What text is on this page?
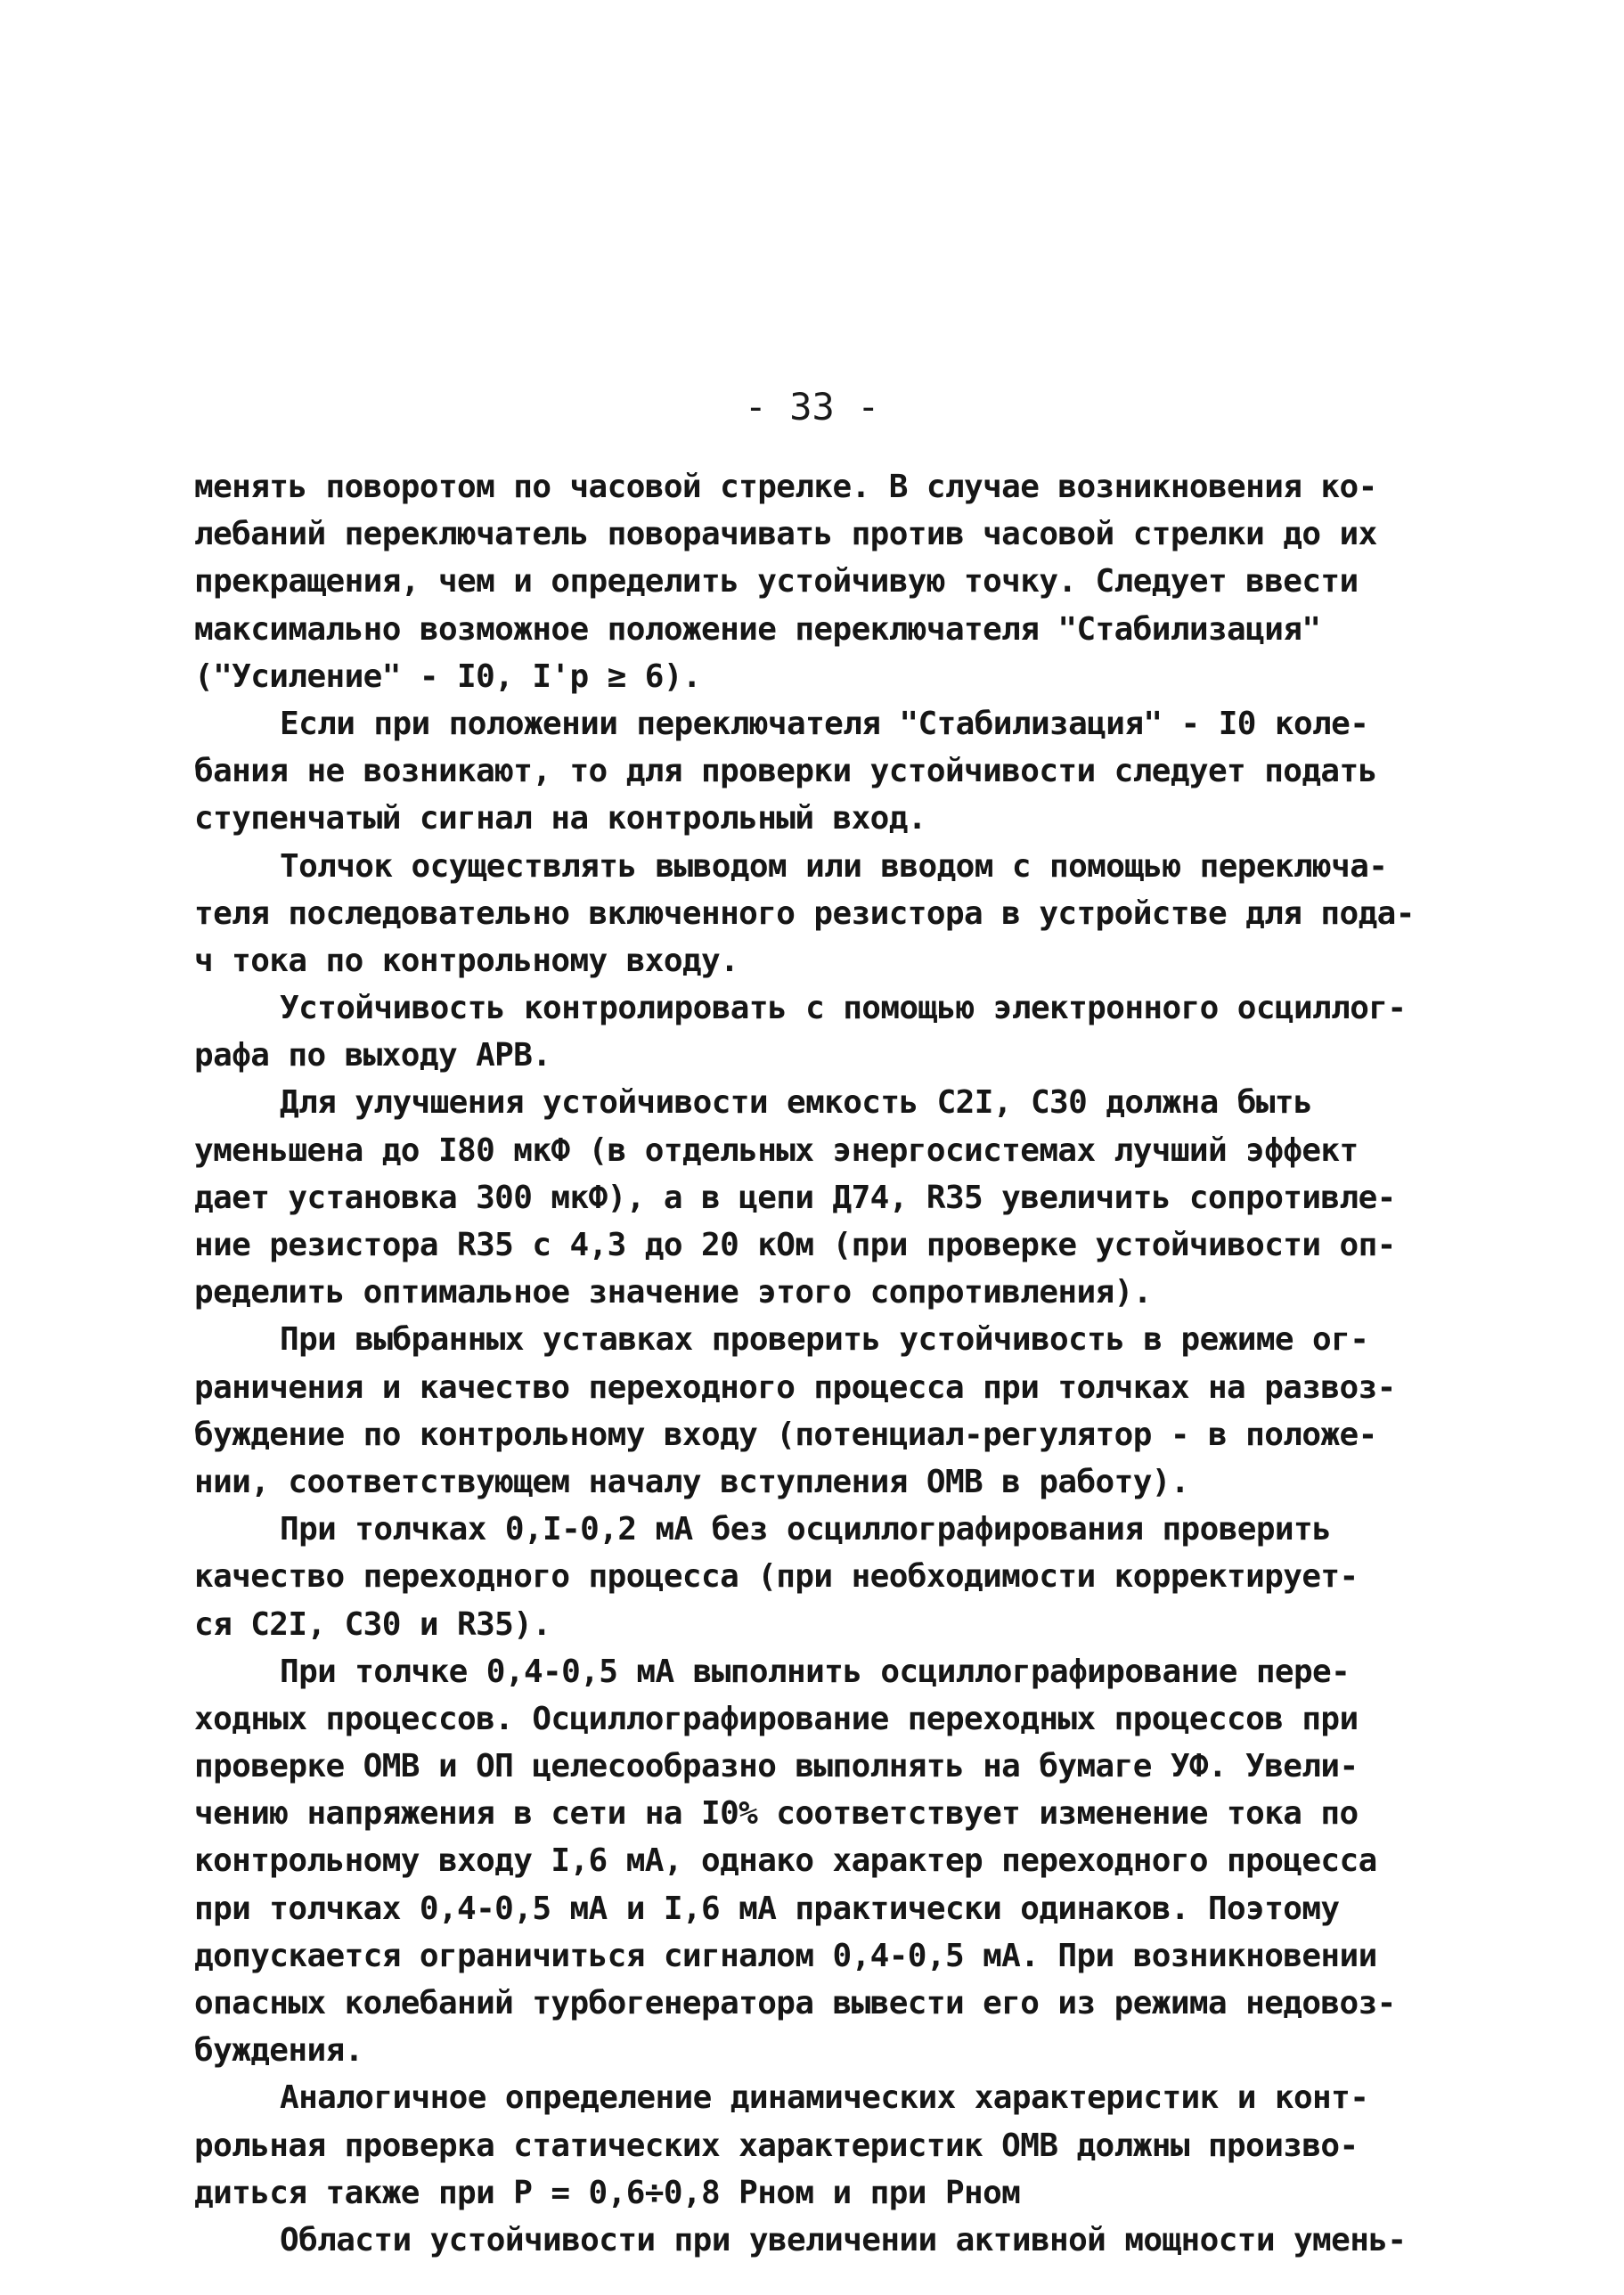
- 33 -
менять поворотом по часовой стрелке. В случае возникновения ко-
лебаний переключатель поворачивать против часовой стрелки до их
прекращения, чем и определить устойчивую точку. Следует ввести
максимально возможное положение переключателя "Стабилизация"
("Усиление" - I0, I'p ≥ 6).
Если при положении переключателя "Стабилизация" - I0 коле-
бания не возникают, то для проверки устойчивости следует подать
ступенчатый сигнал на контрольный вход.
Толчок осуществлять выводом или вводом с помощью переключа-
теля последовательно включенного резистора в устройстве для пода-
ч тока по контрольному входу.
Устойчивость контролировать с помощью электронного осциллог-
рафа по выходу АРВ.
Для улучшения устойчивости емкость С2I, С30 должна быть
уменьшена до I80 мкФ (в отдельных энергосистемах лучший эффект
дает установка 300 мкФ), а в цепи Д74, R35 увеличить сопротивле-
ние резистора R35 с 4,3 до 20 кОм (при проверке устойчивости оп-
ределить оптимальное значение этого сопротивления).
При выбранных уставках проверить устойчивость в режиме ог-
раничения и качество переходного процесса при толчках на развоз-
буждение по контрольному входу (потенциал-регулятор - в положе-
нии, соответствующем началу вступления ОМВ в работу).
При толчках 0,I-0,2 мА без осциллографирования проверить
качество переходного процесса (при необходимости корректирует-
ся С2I, С30 и R35).
При толчке 0,4-0,5 мА выполнить осциллографирование пере-
ходных процессов. Осциллографирование переходных процессов при
проверке ОМВ и ОП целесообразно выполнять на бумаге УФ. Увели-
чению напряжения в сети на I0% соответствует изменение тока по
контрольному входу I,6 мА, однако характер переходного процесса
при толчках 0,4-0,5 мА и I,6 мА практически одинаков. Поэтому
допускается ограничиться сигналом 0,4-0,5 мА. При возникновении
опасных колебаний турбогенератора вывести его из режима недовоз-
буждения.
Аналогичное определение динамических характеристик и конт-
рольная проверка статических характеристик ОМВ должны произво-
диться также при P = 0,6÷0,8 Pном и при Pном
Области устойчивости при увеличении активной мощности умень-
